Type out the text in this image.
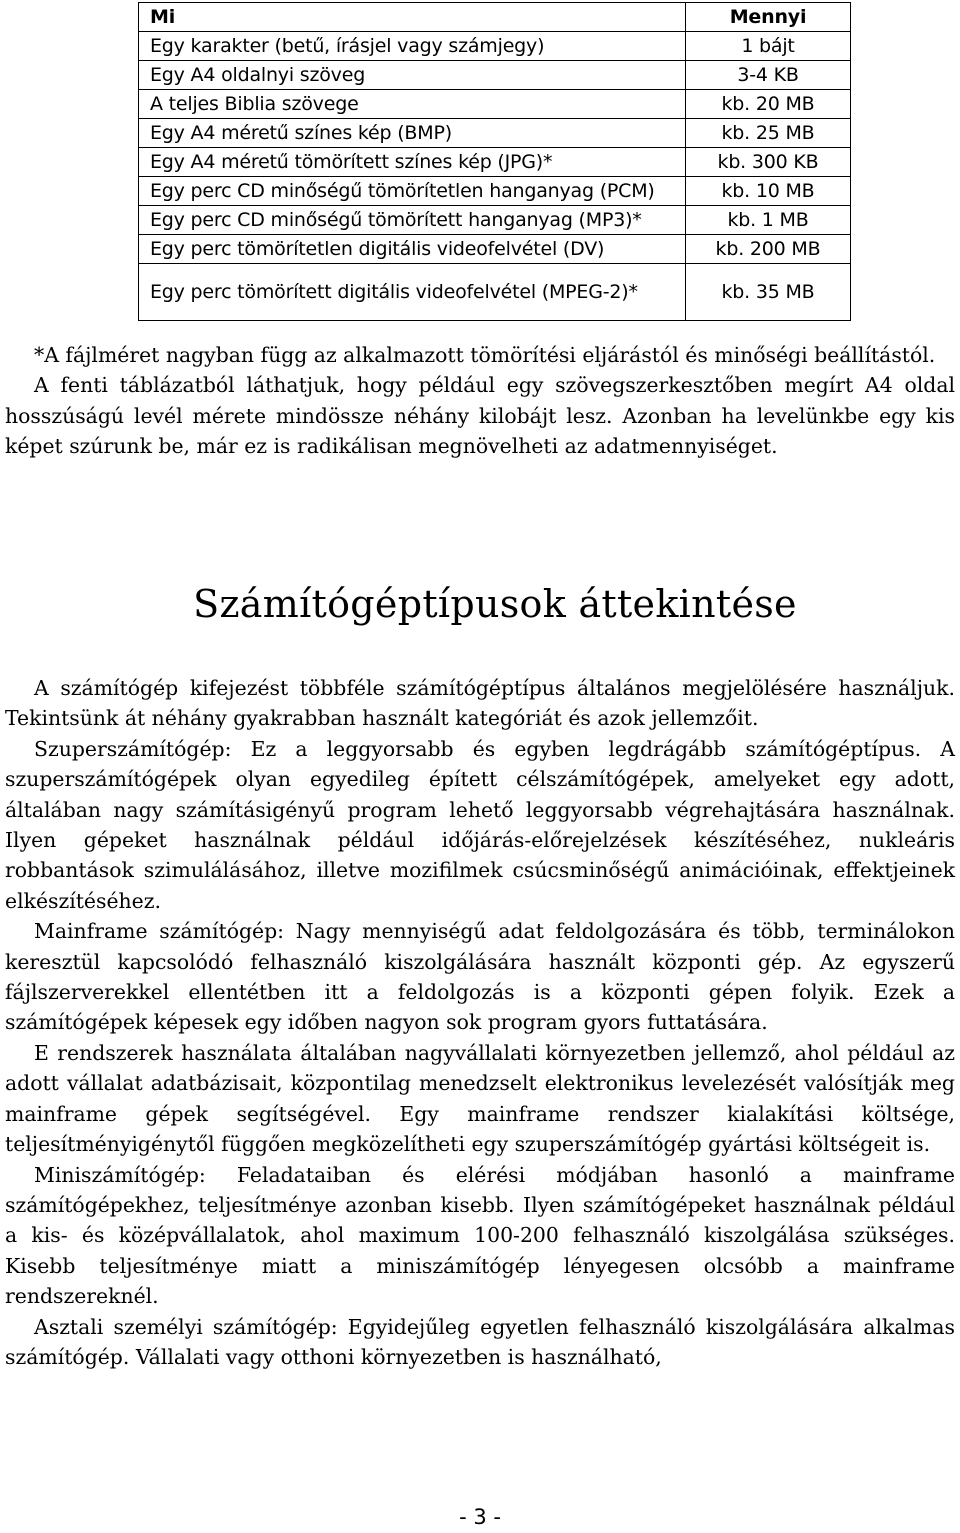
Mi	Mennyi
Egy karakter (betű, írásjel vagy számjegy)	1 bájt
Egy A4 oldalnyi szöveg	3-4 KB
A teljes Biblia szövege	kb. 20 MB
Egy A4 méretű színes kép (BMP)	kb. 25 MB
Egy A4 méretű tömörített színes kép (JPG)*	kb. 300 KB
Egy perc CD minőségű tömörítetlen hanganyag (PCM)	kb. 10 MB
Egy perc CD minőségű tömörített hanganyag (MP3)*	kb. 1 MB
Egy perc tömörítetlen digitális videofelvétel (DV)	kb. 200 MB
Egy perc tömörített digitális videofelvétel (MPEG-2)*	kb. 35 MB

*A fájlméret nagyban függ az alkalmazott tömörítési eljárástól és minőségi beállítástól.

A fenti táblázatból láthatjuk, hogy például egy szövegszerkesztőben megírt A4 oldal hosszúságú levél mérete mindössze néhány kilobájt lesz. Azonban ha levelünkbe egy kis képet szúrunk be, már ez is radikálisan megnövelheti az adatmennyiséget.

Számítógéptípusok áttekintése

A számítógép kifejezést többféle számítógéptípus általános megjelölésére használjuk. Tekintsünk át néhány gyakrabban használt kategóriát és azok jellemzőit.

Szuperszámítógép: Ez a leggyorsabb és egyben legdrágább számítógéptípus. A szuperszámítógépek olyan egyedileg épített célszámítógépek, amelyeket egy adott, általában nagy számításigényű program lehető leggyorsabb végrehajtására használnak. Ilyen gépeket használnak például időjárás-előrejelzések készítéséhez, nukleáris robbantások szimulálásához, illetve mozifilmek csúcsminőségű animációinak, effektjeinek elkészítéséhez.

Mainframe számítógép: Nagy mennyiségű adat feldolgozására és több, terminálokon keresztül kapcsolódó felhasználó kiszolgálására használt központi gép. Az egyszerű fájlszerverekkel ellentétben itt a feldolgozás is a központi gépen folyik. Ezek a számítógépek képesek egy időben nagyon sok program gyors futtatására.

E rendszerek használata általában nagyvállalati környezetben jellemző, ahol például az adott vállalat adatbázisait, központilag menedzselt elektronikus levelezését valósítják meg mainframe gépek segítségével. Egy mainframe rendszer kialakítási költsége, teljesítményigénytől függően megközelítheti egy szuperszámítógép gyártási költségeit is.

Miniszámítógép: Feladataiban és elérési módjában hasonló a mainframe számítógépekhez, teljesítménye azonban kisebb. Ilyen számítógépeket használnak például a kis- és középvállalatok, ahol maximum 100-200 felhasználó kiszolgálása szükséges. Kisebb teljesítménye miatt a miniszámítógép lényegesen olcsóbb a mainframe rendszereknél.

Asztali személyi számítógép: Egyidejűleg egyetlen felhasználó kiszolgálására alkalmas számítógép. Vállalati vagy otthoni környezetben is használható,

- 3 -
